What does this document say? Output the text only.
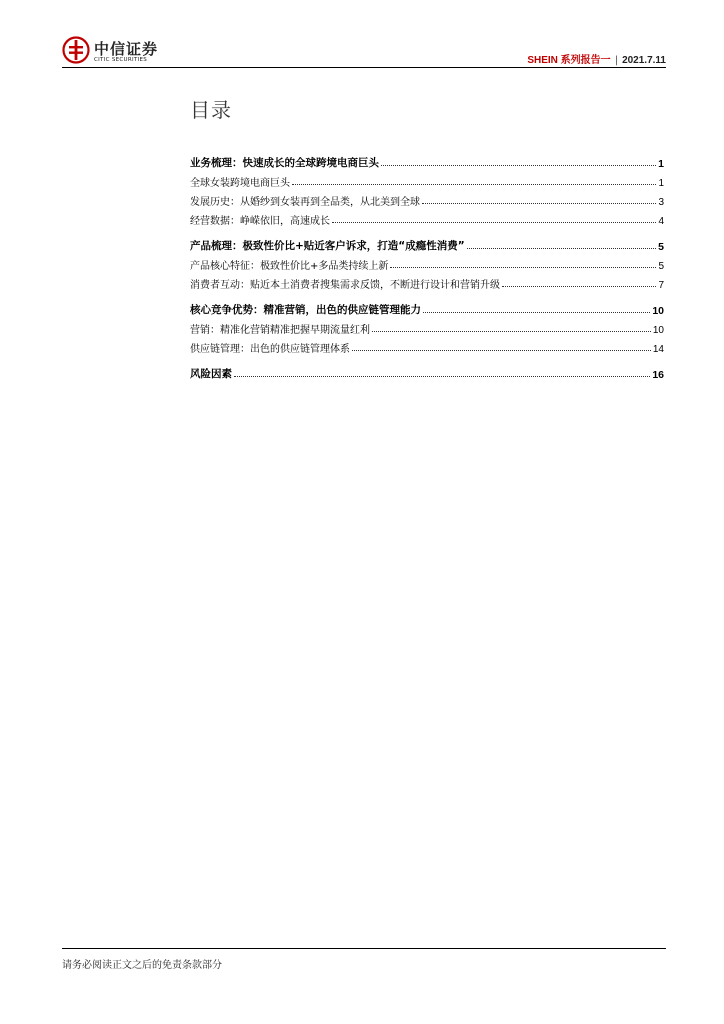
中信证券
CITIC SECURITIES	SHEIN 系列报告一 | 2021.7.11
目录
业务梳理：快速成长的全球跨境电商巨头	1
全球女装跨境电商巨头	1
发展历史：从婚纱到女装再到全品类，从北美到全球	3
经营数据：峥嵘依旧，高速成长	4
产品梳理：极致性价比+贴近客户诉求，打造“成瘾性消费”	5
产品核心特征：极致性价比+多品类持续上新	5
消费者互动：贴近本土消费者搜集需求反馈，不断进行设计和营销升级	7
核心竞争优势：精准营销，出色的供应链管理能力	10
营销：精准化营销精准把握早期流量红利	10
供应链管理：出色的供应链管理体系	14
风险因素	16
请务必阅读正文之后的免责条款部分
